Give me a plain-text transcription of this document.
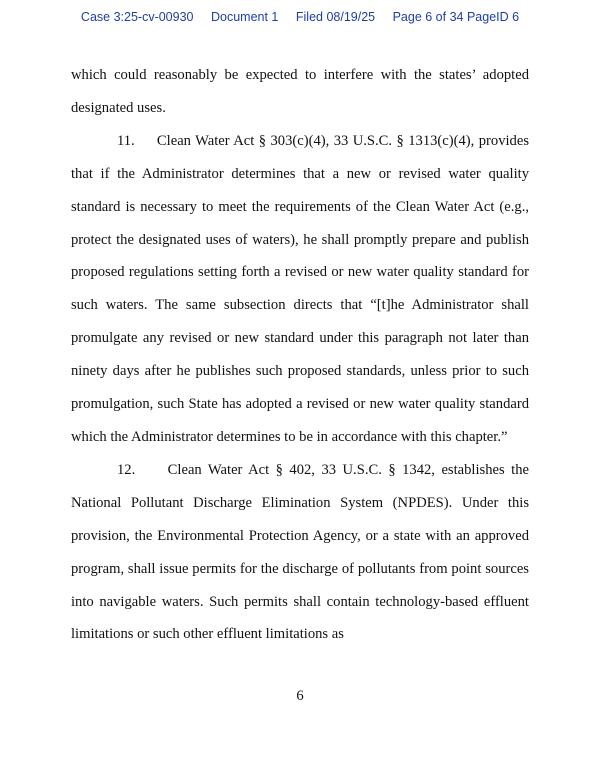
Case 3:25-cv-00930 Document 1 Filed 08/19/25 Page 6 of 34 PageID 6

which could reasonably be expected to interfere with the states’ adopted designated uses.

11. Clean Water Act § 303(c)(4), 33 U.S.C. § 1313(c)(4), provides that if the Administrator determines that a new or revised water quality standard is necessary to meet the requirements of the Clean Water Act (e.g., protect the designated uses of waters), he shall promptly prepare and publish proposed regulations setting forth a revised or new water quality standard for such waters. The same subsection directs that “[t]he Administrator shall promulgate any revised or new standard under this paragraph not later than ninety days after he publishes such proposed standards, unless prior to such promulgation, such State has adopted a revised or new water quality standard which the Administrator determines to be in accordance with this chapter.”

12. Clean Water Act § 402, 33 U.S.C. § 1342, establishes the National Pollutant Discharge Elimination System (NPDES). Under this provision, the Environmental Protection Agency, or a state with an approved program, shall issue permits for the discharge of pollutants from point sources into navigable waters. Such permits shall contain technology-based effluent limitations or such other effluent limitations as

6
